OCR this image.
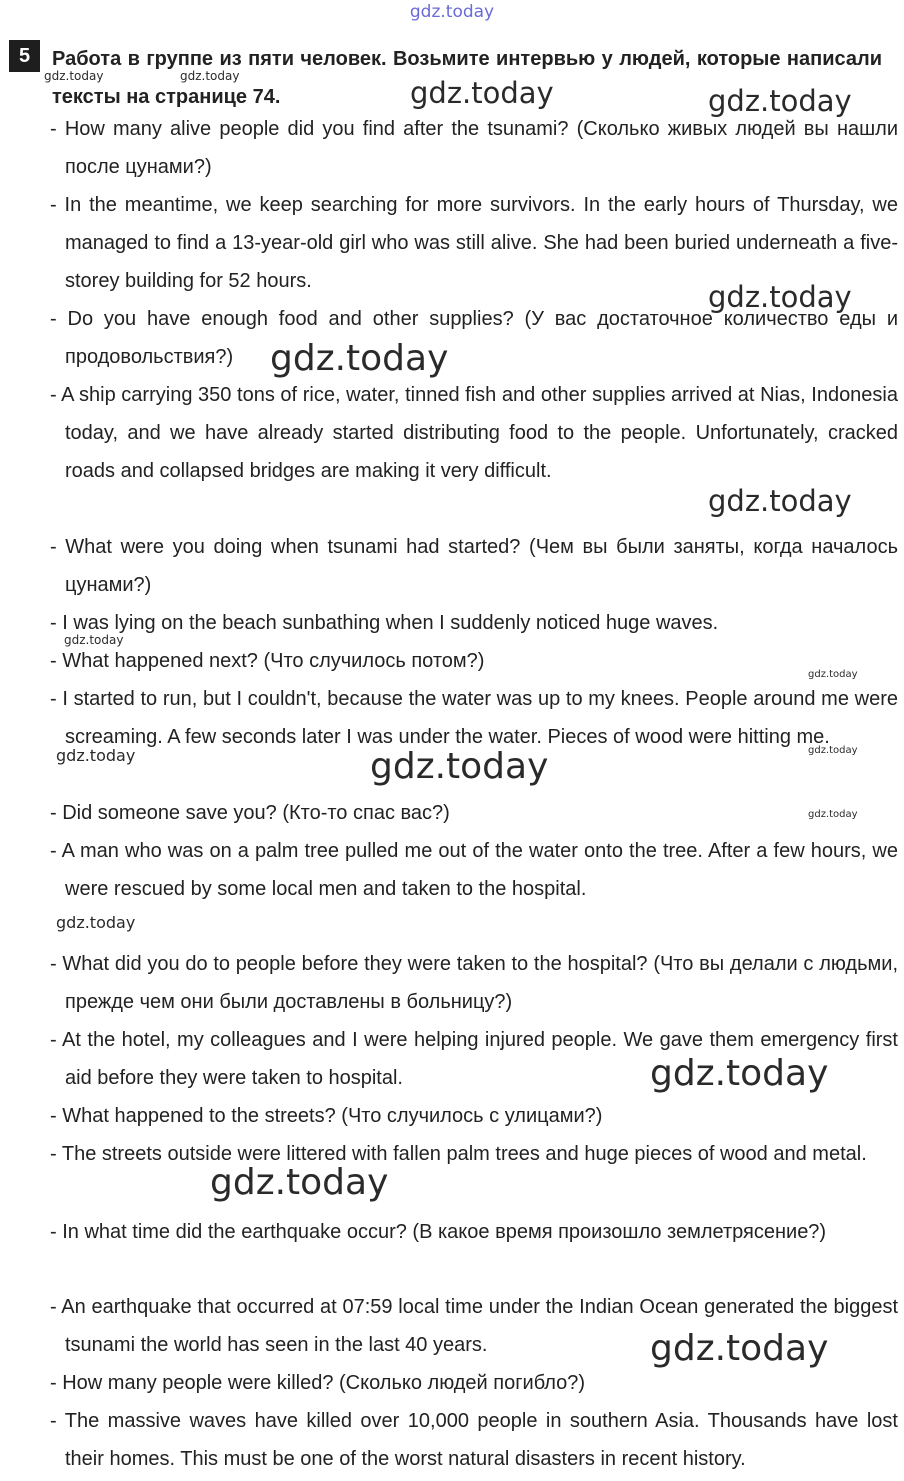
gdz.today
5	Работа в группе из пяти человек. Возьмите интервью у людей, которые написали тексты на странице 74.
- How many alive people did you find after the tsunami? (Сколько живых людей вы нашли после цунами?)
- In the meantime, we keep searching for more survivors. In the early hours of Thursday, we managed to find a 13-year-old girl who was still alive. She had been buried underneath a five-storey building for 52 hours.
- Do you have enough food and other supplies? (У вас достаточное количество еды и продовольствия?)
- A ship carrying 350 tons of rice, water, tinned fish and other supplies arrived at Nias, Indonesia today, and we have already started distributing food to the people. Unfortunately, cracked roads and collapsed bridges are making it very difficult.
- What were you doing when tsunami had started? (Чем вы были заняты, когда началось цунами?)
- I was lying on the beach sunbathing when I suddenly noticed huge waves.
- What happened next? (Что случилось потом?)
- I started to run, but I couldn't, because the water was up to my knees. People around me were screaming. A few seconds later I was under the water. Pieces of wood were hitting me.
- Did someone save you? (Кто-то спас вас?)
- A man who was on a palm tree pulled me out of the water onto the tree. After a few hours, we were rescued by some local men and taken to the hospital.
- What did you do to people before they were taken to the hospital? (Что вы делали с людьми, прежде чем они были доставлены в больницу?)
- At the hotel, my colleagues and I were helping injured people. We gave them emergency first aid before they were taken to hospital.
- What happened to the streets? (Что случилось с улицами?)
- The streets outside were littered with fallen palm trees and huge pieces of wood and metal.
- In what time did the earthquake occur? (В какое время произошло землетрясение?)
- An earthquake that occurred at 07:59 local time under the Indian Ocean generated the biggest tsunami the world has seen in the last 40 years.
- How many people were killed? (Сколько людей погибло?)
- The massive waves have killed over 10,000 people in southern Asia. Thousands have lost their homes. This must be one of the worst natural disasters in recent history.
gdz.today	gdz.today	gdz.today	gdz.today
gdz.today
gdz.today
gdz.today
gdz.today
gdz.today
gdz.today	gdz.today
gdz.today
gdz.today
gdz.today
gdz.today
gdz.today
gdz.today
